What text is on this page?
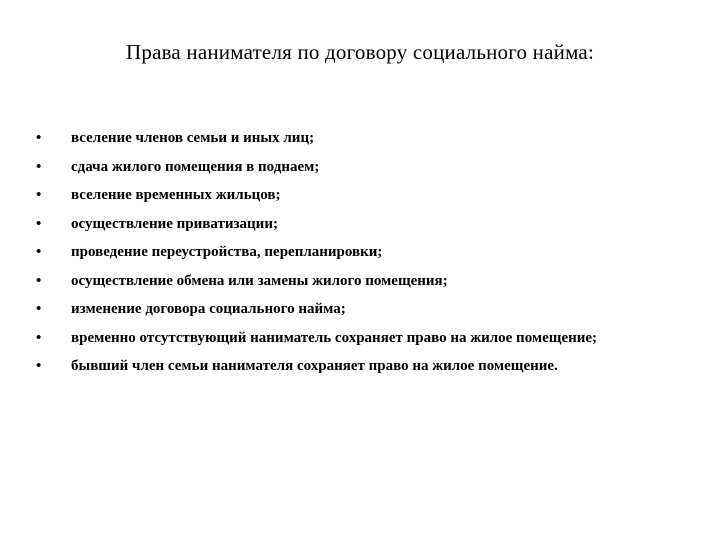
Права нанимателя по договору социального найма:
• вселение членов семьи и иных лиц;
• сдача жилого помещения в поднаем;
• вселение временных жильцов;
• осуществление приватизации;
• проведение переустройства, перепланировки;
• осуществление обмена или замены жилого помещения;
• изменение договора социального найма;
• временно отсутствующий наниматель сохраняет право на жилое помещение;
• бывший член семьи нанимателя сохраняет право на жилое помещение.
